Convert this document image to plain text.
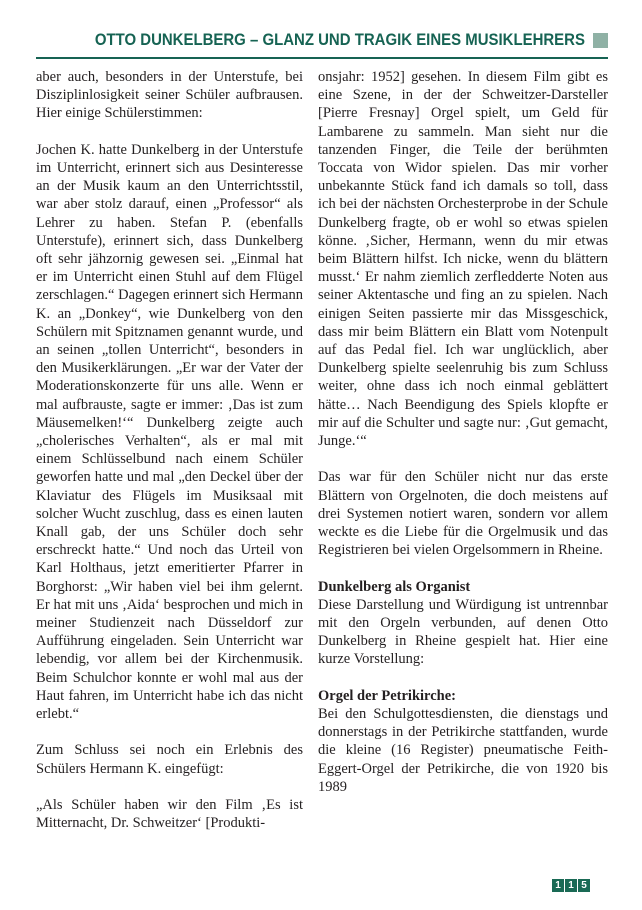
OTTO DUNKELBERG – GLANZ UND TRAGIK EINES MUSIKLEHRERS

aber auch, besonders in der Unterstufe, bei Disziplinlosigkeit seiner Schüler aufbrausen. Hier einige Schülerstimmen:

Jochen K. hatte Dunkelberg in der Unterstufe im Unterricht, erinnert sich aus Desinteresse an der Musik kaum an den Unterrichtsstil, war aber stolz darauf, einen „Professor“ als Lehrer zu haben. Stefan P. (ebenfalls Unterstufe), erinnert sich, dass Dunkelberg oft sehr jähzornig gewesen sei. „Einmal hat er im Unterricht einen Stuhl auf dem Flügel zerschlagen.“ Dagegen erinnert sich Hermann K. an „Donkey“, wie Dunkelberg von den Schülern mit Spitznamen genannt wurde, und an seinen „tollen Unterricht“, besonders in den Musikerklärungen. „Er war der Vater der Moderationskonzerte für uns alle. Wenn er mal aufbrauste, sagte er immer: ‚Das ist zum Mäusemelken!‘“ Dunkelberg zeigte auch „cholerisches Verhalten“, als er mal mit einem Schlüsselbund nach einem Schüler geworfen hatte und mal „den Deckel über der Klaviatur des Flügels im Musiksaal mit solcher Wucht zuschlug, dass es einen lauten Knall gab, der uns Schüler doch sehr erschreckt hatte.“ Und noch das Urteil von Karl Holthaus, jetzt emeritierter Pfarrer in Borghorst: „Wir haben viel bei ihm gelernt. Er hat mit uns ‚Aida‘ besprochen und mich in meiner Studienzeit nach Düsseldorf zur Aufführung eingeladen. Sein Unterricht war lebendig, vor allem bei der Kirchenmusik. Beim Schulchor konnte er wohl mal aus der Haut fahren, im Unterricht habe ich das nicht erlebt.“

Zum Schluss sei noch ein Erlebnis des Schülers Hermann K. eingefügt:

„Als Schüler haben wir den Film ‚Es ist Mitternacht, Dr. Schweitzer‘ [Produkti-

onsjahr: 1952] gesehen. In diesem Film gibt es eine Szene, in der der Schweitzer-Darsteller [Pierre Fresnay] Orgel spielt, um Geld für Lambarene zu sammeln. Man sieht nur die tanzenden Finger, die Teile der berühmten Toccata von Widor spielen. Das mir vorher unbekannte Stück fand ich damals so toll, dass ich bei der nächsten Orchesterprobe in der Schule Dunkelberg fragte, ob er wohl so etwas spielen könne. ‚Sicher, Hermann, wenn du mir etwas beim Blättern hilfst. Ich nicke, wenn du blättern musst.‘ Er nahm ziemlich zerfledderte Noten aus seiner Aktentasche und fing an zu spielen. Nach einigen Seiten passierte mir das Missgeschick, dass mir beim Blättern ein Blatt vom Notenpult auf das Pedal fiel. Ich war unglücklich, aber Dunkelberg spielte seelenruhig bis zum Schluss weiter, ohne dass ich noch einmal geblättert hätte… Nach Beendigung des Spiels klopfte er mir auf die Schulter und sagte nur: ‚Gut gemacht, Junge.‘“

Das war für den Schüler nicht nur das erste Blättern von Orgelnoten, die doch meistens auf drei Systemen notiert waren, sondern vor allem weckte es die Liebe für die Orgelmusik und das Registrieren bei vielen Orgelsommern in Rheine.

Dunkelberg als Organist

Diese Darstellung und Würdigung ist untrennbar mit den Orgeln verbunden, auf denen Otto Dunkelberg in Rheine gespielt hat. Hier eine kurze Vorstellung:

Orgel der Petrikirche:

Bei den Schulgottesdiensten, die dienstags und donnerstags in der Petrikirche stattfanden, wurde die kleine (16 Register) pneumatische Feith-Eggert-Orgel der Petrikirche, die von 1920 bis 1989

1 1 5
